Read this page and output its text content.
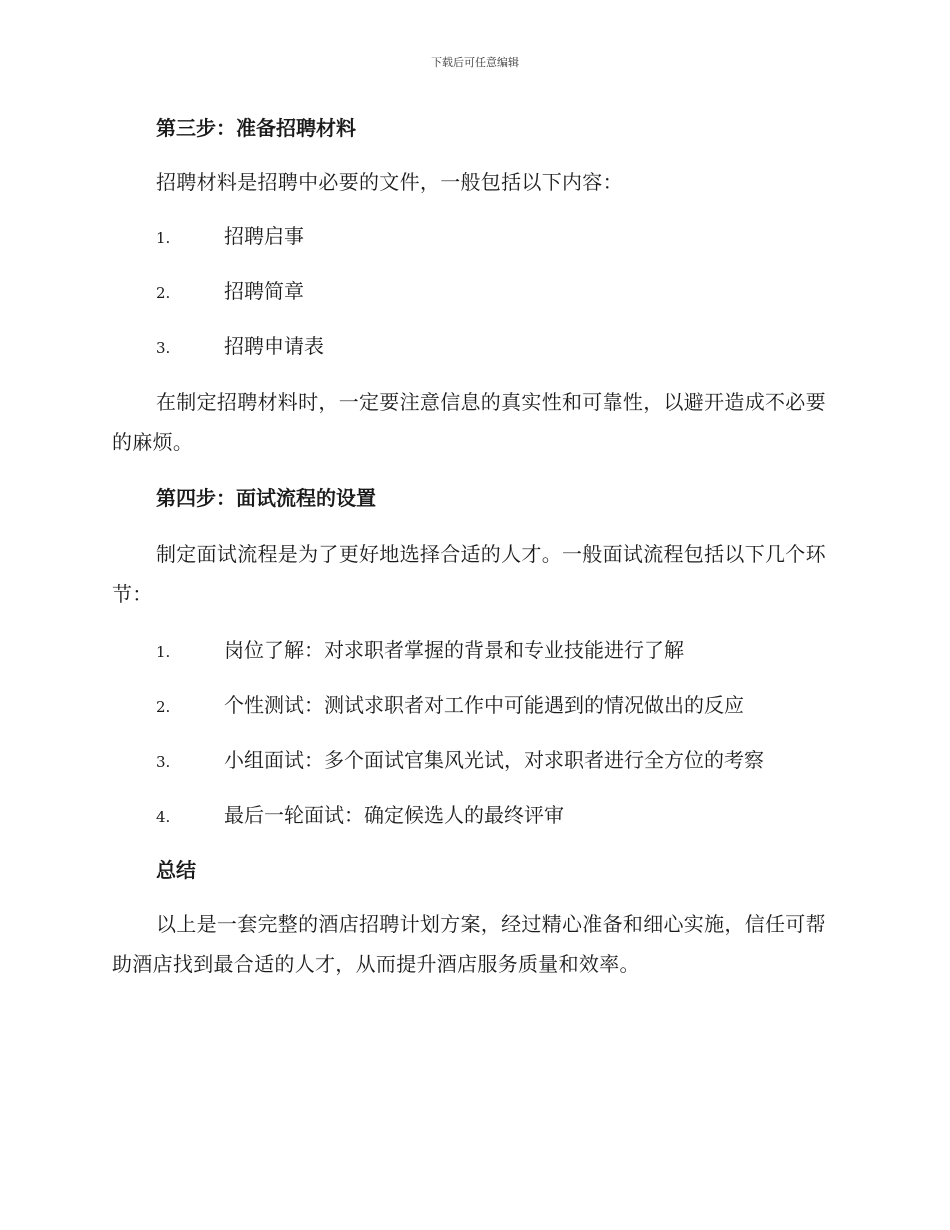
下载后可任意编辑
第三步：准备招聘材料
招聘材料是招聘中必要的文件，一般包括以下内容：
1.	招聘启事
2.	招聘简章
3.	招聘申请表
在制定招聘材料时，一定要注意信息的真实性和可靠性，以避开造成不必要的麻烦。
第四步：面试流程的设置
制定面试流程是为了更好地选择合适的人才。一般面试流程包括以下几个环节：
1.	岗位了解：对求职者掌握的背景和专业技能进行了解
2.	个性测试：测试求职者对工作中可能遇到的情况做出的反应
3.	小组面试：多个面试官集风光试，对求职者进行全方位的考察
4.	最后一轮面试：确定候选人的最终评审
总结
以上是一套完整的酒店招聘计划方案，经过精心准备和细心实施，信任可帮助酒店找到最合适的人才，从而提升酒店服务质量和效率。
